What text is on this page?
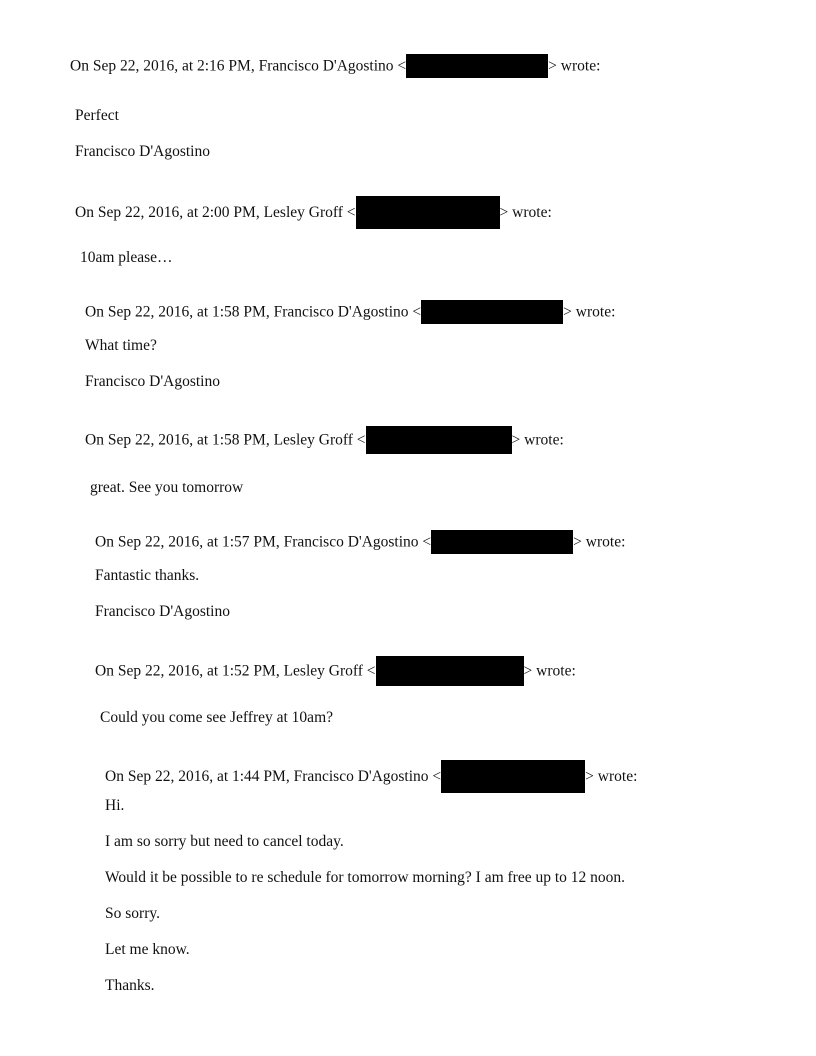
On Sep 22, 2016, at 2:16 PM, Francisco D'Agostino <	> wrote:
Perfect
Francisco D'Agostino
On Sep 22, 2016, at 2:00 PM, Lesley Groff <	> wrote:
10am please…
On Sep 22, 2016, at 1:58 PM, Francisco D'Agostino <	> wrote:
What time?
Francisco D'Agostino
On Sep 22, 2016, at 1:58 PM, Lesley Groff <	> wrote:
great. See you tomorrow
On Sep 22, 2016, at 1:57 PM, Francisco D'Agostino <	> wrote:
Fantastic thanks.
Francisco D'Agostino
On Sep 22, 2016, at 1:52 PM, Lesley Groff <	> wrote:
Could you come see Jeffrey at 10am?
On Sep 22, 2016, at 1:44 PM, Francisco D'Agostino <	> wrote:
Hi.
I am so sorry but need to cancel today.
Would it be possible to re schedule for tomorrow morning? I am free up to 12 noon.
So sorry.
Let me know.
Thanks.
